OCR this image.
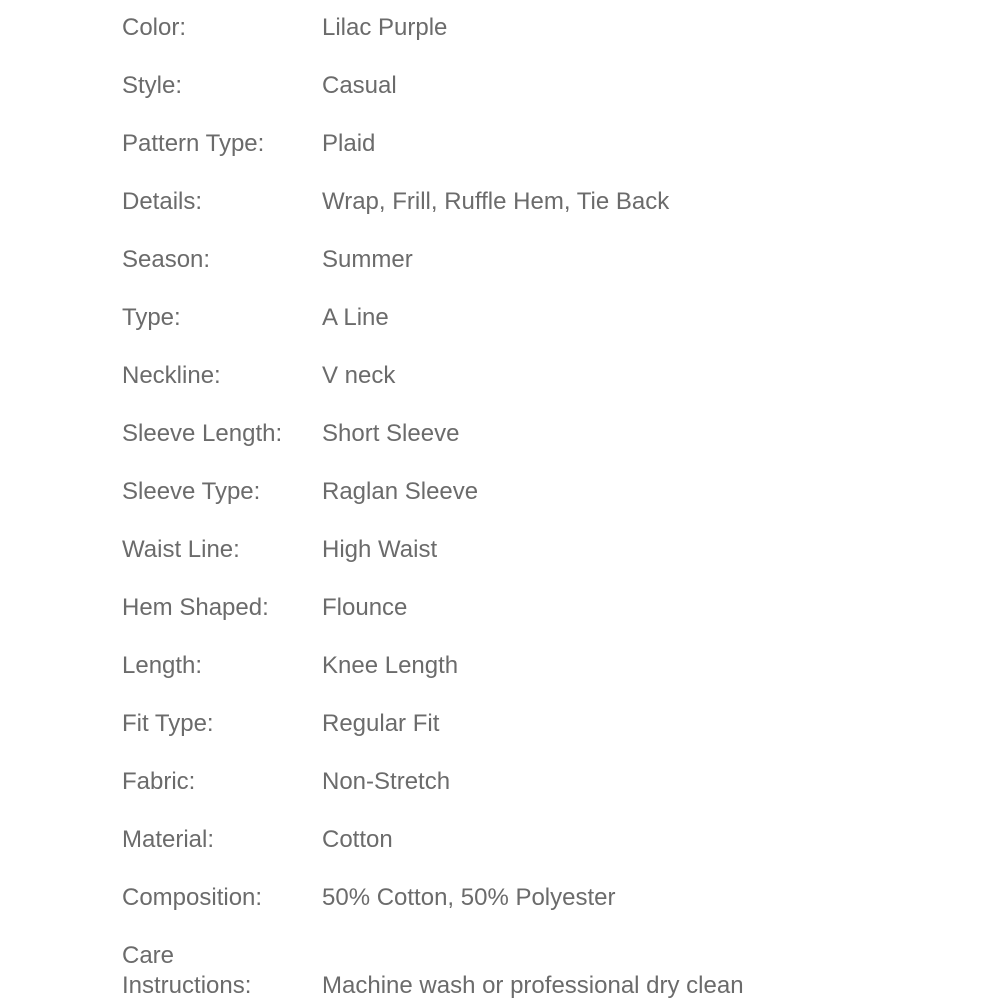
Color:	Lilac Purple
Style:	Casual
Pattern Type: Plaid
Details:	Wrap, Frill, Ruffle Hem, Tie Back
Season:	Summer
Type:	A Line
Neckline:	V neck
Sleeve Length: Short Sleeve
Sleeve Type:	Raglan Sleeve
Waist Line:	High Waist
Hem Shaped: Flounce
Length:	Knee Length
Fit Type:	Regular Fit
Fabric:	Non-Stretch
Material:	Cotton
Composition: 50% Cotton, 50% Polyester
Care Instructions:	Machine wash or professional dry clean
